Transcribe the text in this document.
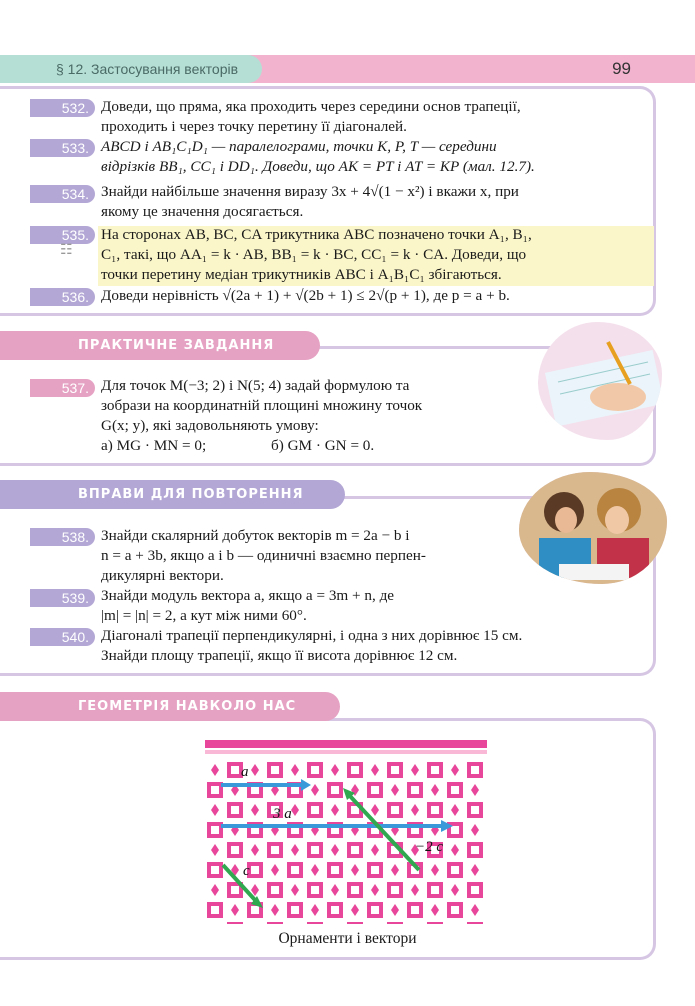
§ 12. Застосування векторів	99
532. Доведи, що пряма, яка проходить через середини основ трапеції,
проходить і через точку перетину її діагоналей.
533. ABCD і AB₁C₁D₁ — паралелограми, точки K, P, T — середини
відрізків BB₁, CC₁ і DD₁. Доведи, що AK = PT і AT = KP (мал. 12.7).
534. Знайди найбільше значення виразу 3x + 4√(1 − x²) і вкажи x, при
якому це значення досягається.
535.
☷
На сторонах AB, BC, CA трикутника ABC позначено точки A₁, B₁,
C₁, такі, що AA₁ = k · AB, BB₁ = k · BC, CC₁ = k · CA. Доведи, що
точки перетину медіан трикутників ABC і A₁B₁C₁ збігаються.
536. Доведи нерівність √(2a + 1) + √(2b + 1) ≤ 2√(p + 1), де p = a + b.
ПРАКТИЧНЕ ЗАВДАННЯ
537. Для точок M(−3; 2) і N(5; 4) задай формулою та
зобрази на координатній площині множину точок
G(x; y), які задовольняють умову:
а) MG · MN = 0;	б) GM · GN = 0.
ВПРАВИ ДЛЯ ПОВТОРЕННЯ
538. Знайди скалярний добуток векторів m = 2a − b і
n = a + 3b, якщо a і b — одиничні взаємно перпен-
дикулярні вектори.
539. Знайди модуль вектора a, якщо a = 3m + n, де
|m| = |n| = 2, а кут між ними 60°.
540. Діагоналі трапеції перпендикулярні, і одна з них дорівнює 15 см.
Знайди площу трапеції, якщо її висота дорівнює 12 см.
ГЕОМЕТРІЯ НАВКОЛО НАС
a
3 a
−2 c
c
Орнаменти і вектори
